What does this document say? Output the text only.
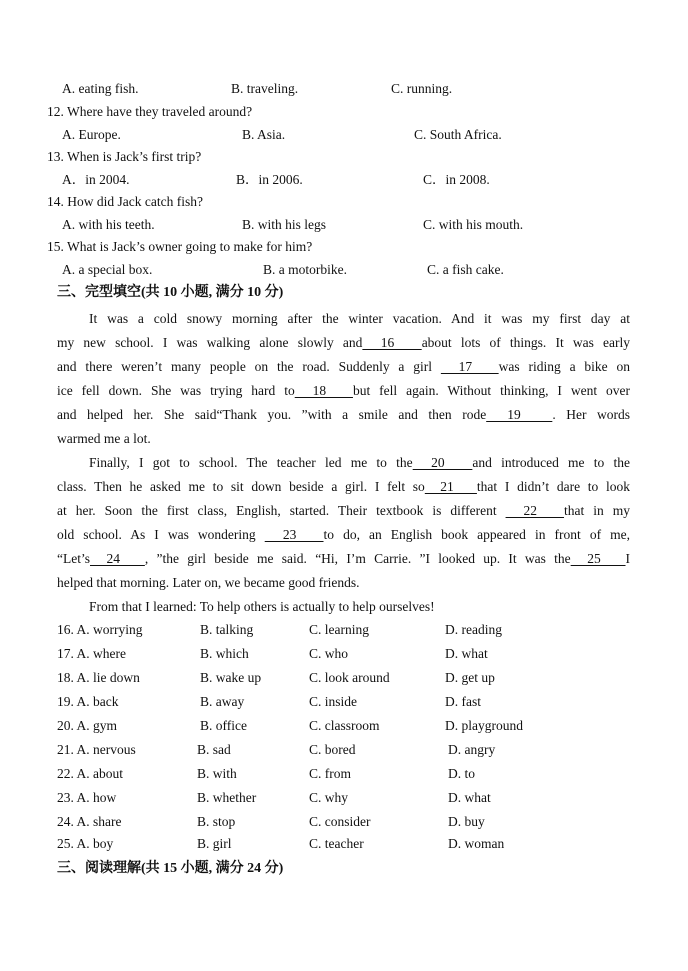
A. eating fish.	B. traveling.	C. running.
12. Where have they traveled around?
A. Europe.	B. Asia.	C. South Africa.
13. When is Jack’s first trip?
A．in 2004.	B．in 2006.	C．in 2008.
14. How did Jack catch fish?
A. with his teeth.	B. with his legs	C. with his mouth.
15. What is Jack’s owner going to make for him?
A. a special box.	B. a motorbike.	C. a fish cake.
三、完型填空(共 10 小题, 满分 10 分)
It was a cold snowy morning after the winter vacation. And it was my first day at
my new school. I was walking alone slowly and  16   about lots of things. It was early
and there weren’t many people on the road. Suddenly a girl   17   was riding a bike on
ice fell down. She was trying hard to  18   but fell again. Without thinking, I went over
and helped her. She said“Thank you. ”with a smile and then rode  19   . Her words
warmed me a lot.
Finally, I got to school. The teacher led me to the  20   and introduced me to the
class. Then he asked me to sit down beside a girl. I felt so  21   that I didn’t dare to look
at her. Soon the first class, English, started. Their textbook is different   22   that in my
old school. As I was wondering   23   to do, an English book appeared in front of me,
“Let’s  24   , ”the girl beside me said. “Hi, I’m Carrie. ”I looked up. It was the  25   I
helped that morning. Later on, we became good friends.
From that I learned: To help others is actually to help ourselves!
16. A. worrying	B. talking	C. learning	D. reading
17. A. where	B. which	C. who	D. what
18. A. lie down	B. wake up	C. look around	D. get up
19. A. back	B. away	C. inside	D. fast
20. A. gym	B. office	C. classroom	D. playground
21. A. nervous	B. sad	C. bored	D. angry
22. A. about	B. with	C. from	D. to
23. A. how	B. whether	C. why	D. what
24. A. share	B. stop	C. consider	D. buy
25. A. boy	B. girl	C. teacher	D. woman
三、阅读理解(共 15 小题, 满分 24 分)
